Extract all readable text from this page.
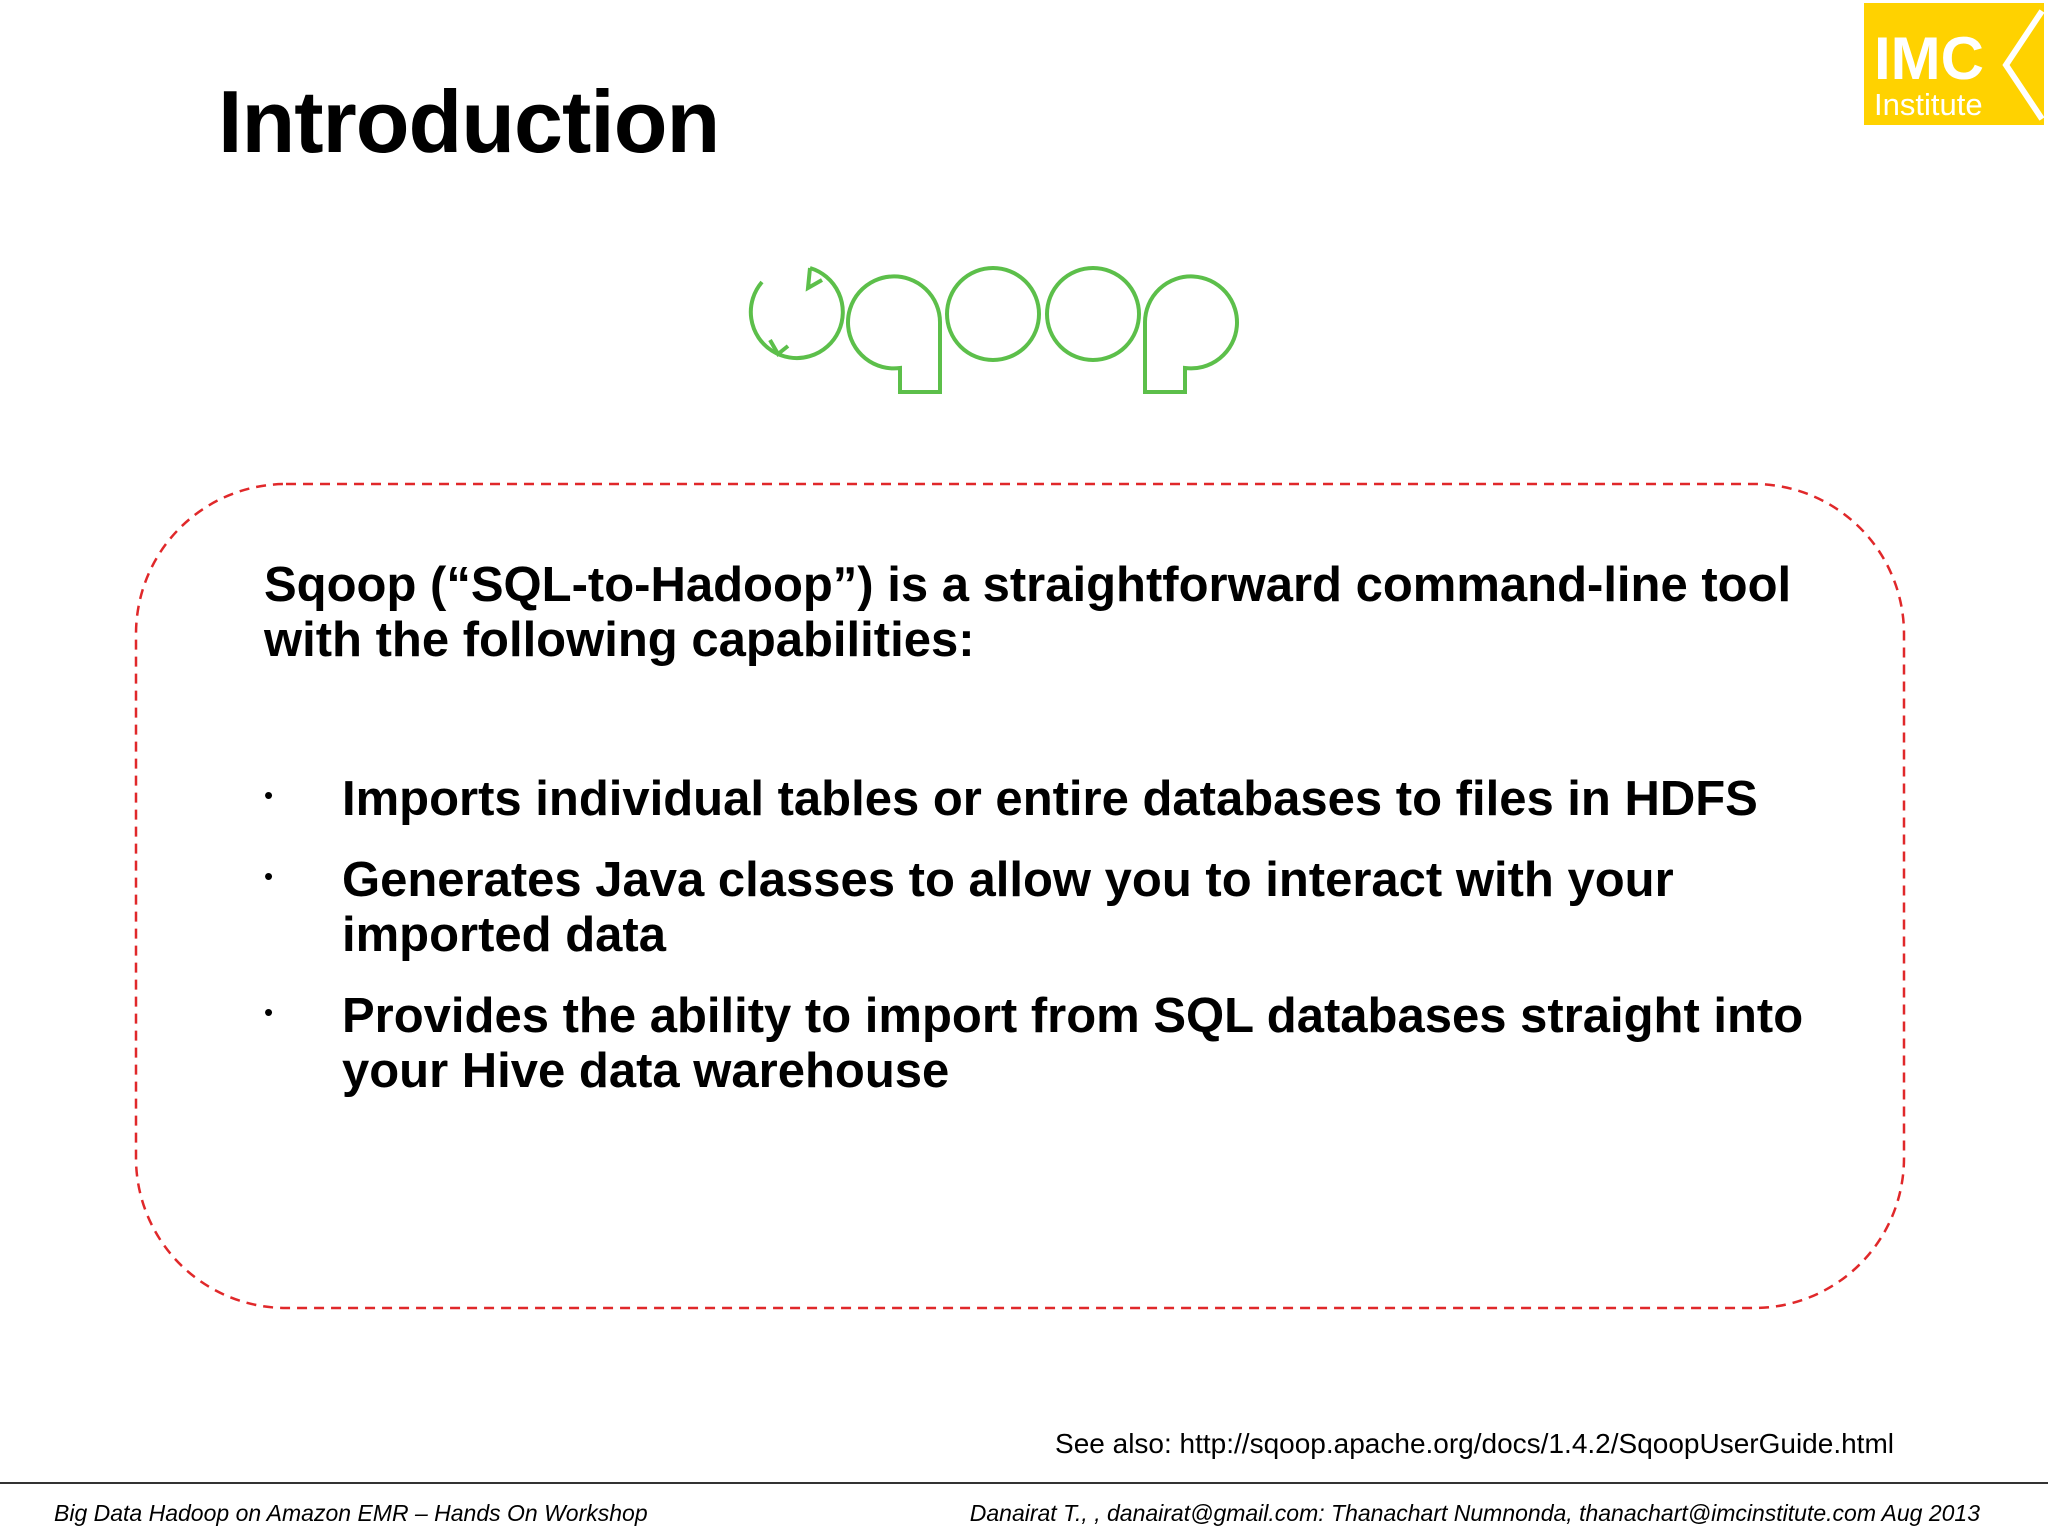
Introduction
IMC
Institute
Sqoop (“SQL-to-Hadoop”) is a straightforward command-line tool with the following capabilities:
• Imports individual tables or entire databases to files in HDFS
• Generates Java classes to allow you to interact with your imported data
• Provides the ability to import from SQL databases straight into your Hive data warehouse
See also: http://sqoop.apache.org/docs/1.4.2/SqoopUserGuide.html
Big Data Hadoop on Amazon EMR – Hands On Workshop	Danairat T., , danairat@gmail.com: Thanachart Numnonda, thanachart@imcinstitute.com Aug 2013
